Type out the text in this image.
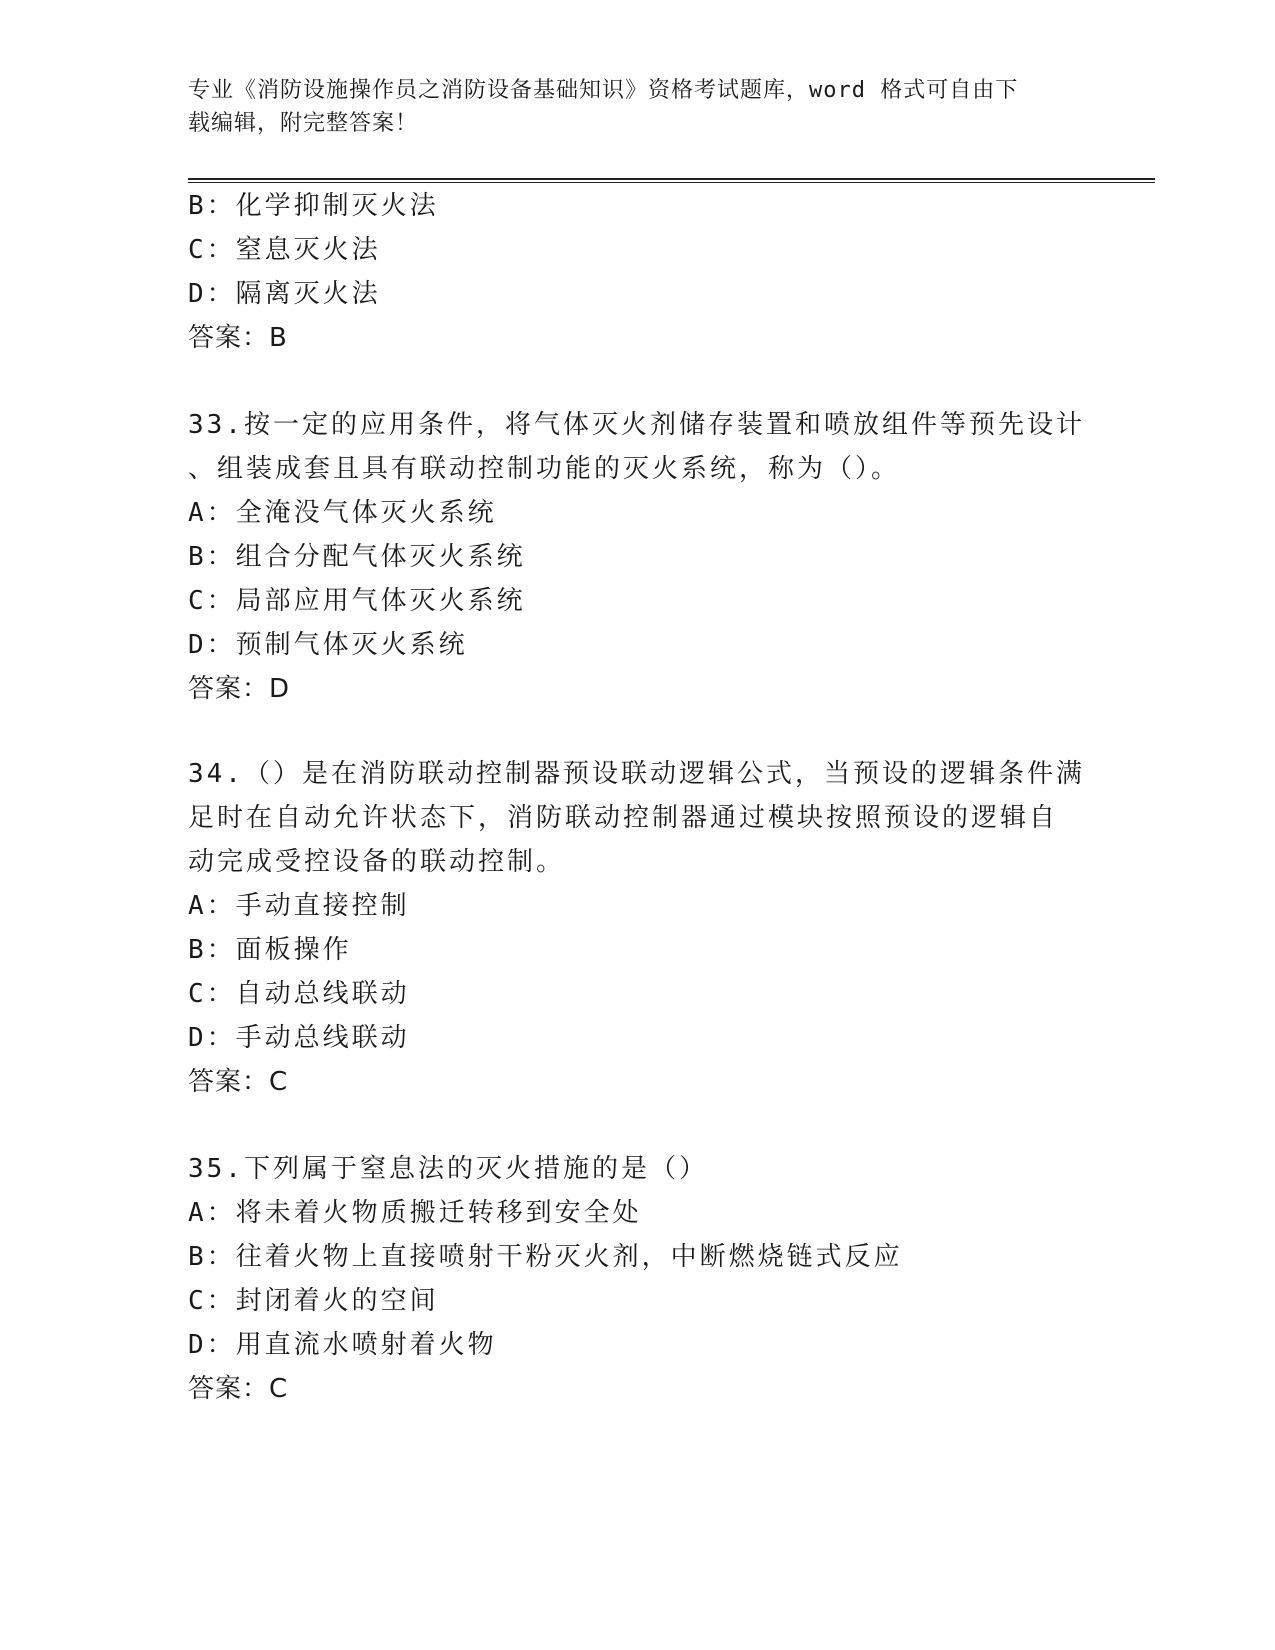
专业《消防设施操作员之消防设备基础知识》资格考试题库，word 格式可自由下
载编辑，附完整答案！
B：化学抑制灭火法
C：窒息灭火法
D：隔离灭火法
答案：B
33.按一定的应用条件，将气体灭火剂储存装置和喷放组件等预先设计
、组装成套且具有联动控制功能的灭火系统，称为（）。
A：全淹没气体灭火系统
B：组合分配气体灭火系统
C：局部应用气体灭火系统
D：预制气体灭火系统
答案：D
34.（）是在消防联动控制器预设联动逻辑公式，当预设的逻辑条件满
足时在自动允许状态下，消防联动控制器通过模块按照预设的逻辑自
动完成受控设备的联动控制。
A：手动直接控制
B：面板操作
C：自动总线联动
D：手动总线联动
答案：C
35.下列属于窒息法的灭火措施的是（）
A：将未着火物质搬迁转移到安全处
B：往着火物上直接喷射干粉灭火剂，中断燃烧链式反应
C：封闭着火的空间
D：用直流水喷射着火物
答案：C
